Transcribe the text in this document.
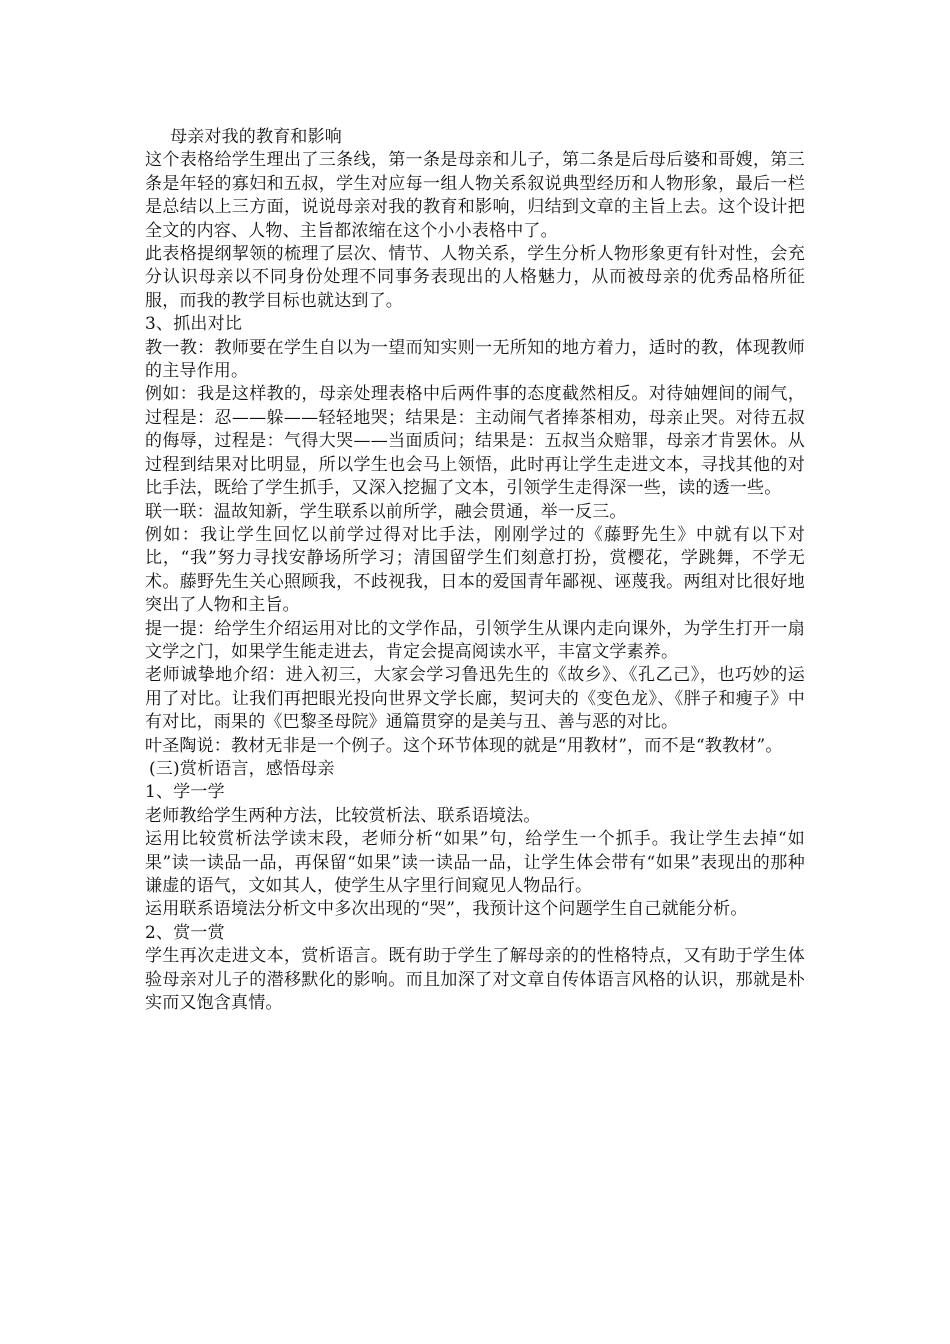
母亲对我的教育和影响

这个表格给学生理出了三条线，第一条是母亲和儿子，第二条是后母后婆和哥嫂，第三条是年轻的寡妇和五叔，学生对应每一组人物关系叙说典型经历和人物形象，最后一栏是总结以上三方面，说说母亲对我的教育和影响，归结到文章的主旨上去。这个设计把全文的内容、人物、主旨都浓缩在这个小小表格中了。

此表格提纲挈领的梳理了层次、情节、人物关系，学生分析人物形象更有针对性，会充分认识母亲以不同身份处理不同事务表现出的人格魅力，从而被母亲的优秀品格所征服，而我的教学目标也就达到了。

3、抓出对比

教一教：教师要在学生自以为一望而知实则一无所知的地方着力，适时的教，体现教师的主导作用。

例如：我是这样教的，母亲处理表格中后两件事的态度截然相反。对待妯娌间的闹气，过程是：忍——躲——轻轻地哭；结果是：主动闹气者捧茶相劝，母亲止哭。对待五叔的侮辱，过程是：气得大哭——当面质问；结果是：五叔当众赔罪，母亲才肯罢休。从过程到结果对比明显，所以学生也会马上领悟，此时再让学生走进文本，寻找其他的对比手法，既给了学生抓手，又深入挖掘了文本，引领学生走得深一些，读的透一些。

联一联：温故知新，学生联系以前所学，融会贯通，举一反三。

例如：我让学生回忆以前学过得对比手法，刚刚学过的《藤野先生》中就有以下对比，“我”努力寻找安静场所学习；清国留学生们刻意打扮，赏樱花，学跳舞，不学无术。藤野先生关心照顾我，不歧视我，日本的爱国青年鄙视、诬蔑我。两组对比很好地突出了人物和主旨。

提一提：给学生介绍运用对比的文学作品，引领学生从课内走向课外，为学生打开一扇文学之门，如果学生能走进去，肯定会提高阅读水平，丰富文学素养。

老师诚挚地介绍：进入初三，大家会学习鲁迅先生的《故乡》、《孔乙己》，也巧妙的运用了对比。让我们再把眼光投向世界文学长廊，契诃夫的《变色龙》、《胖子和瘦子》中有对比，雨果的《巴黎圣母院》通篇贯穿的是美与丑、善与恶的对比。

叶圣陶说：教材无非是一个例子。这个环节体现的就是“用教材”，而不是“教教材”。

(三)赏析语言，感悟母亲

1、学一学

老师教给学生两种方法，比较赏析法、联系语境法。

运用比较赏析法学读末段，老师分析“如果”句，给学生一个抓手。我让学生去掉“如果”读一读品一品，再保留“如果”读一读品一品，让学生体会带有“如果”表现出的那种谦虚的语气，文如其人，使学生从字里行间窥见人物品行。

运用联系语境法分析文中多次出现的“哭”，我预计这个问题学生自己就能分析。

2、赏一赏

学生再次走进文本，赏析语言。既有助于学生了解母亲的的性格特点，又有助于学生体验母亲对儿子的潜移默化的影响。而且加深了对文章自传体语言风格的认识，那就是朴实而又饱含真情。
